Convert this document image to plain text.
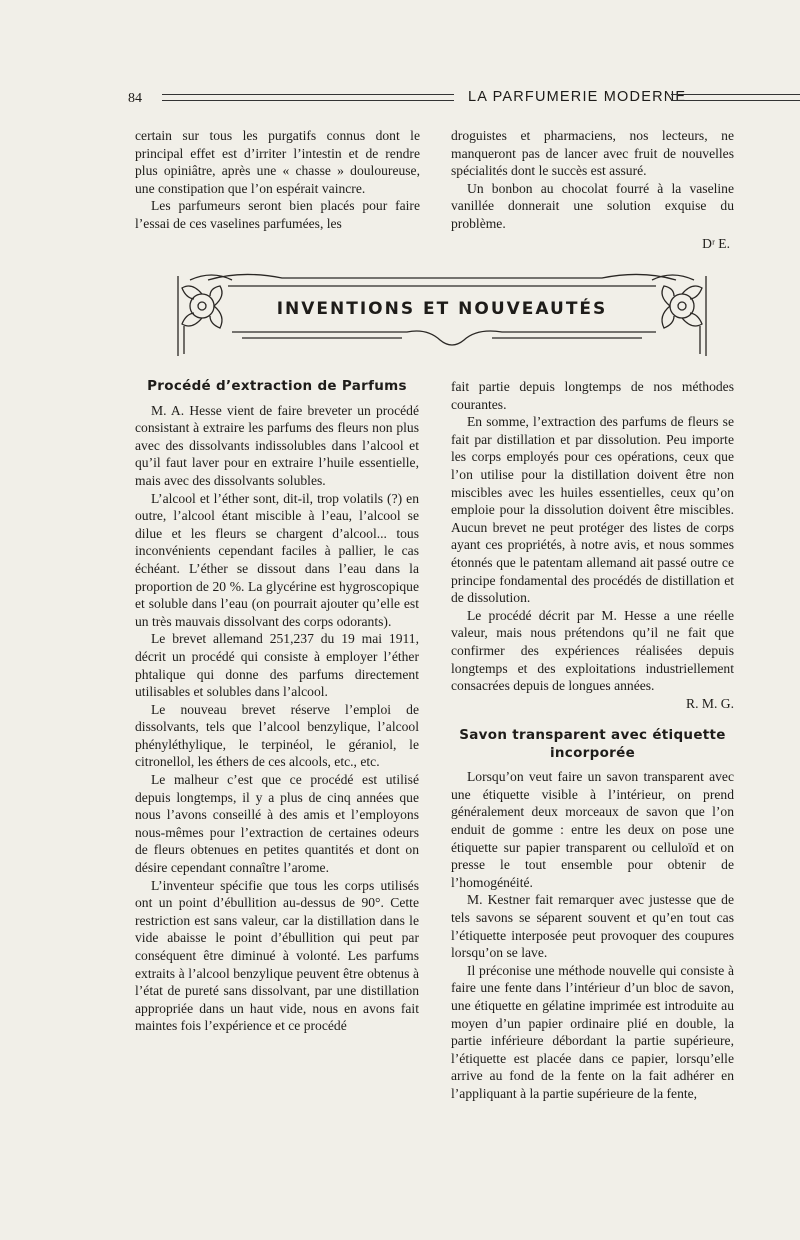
84	LA PARFUMERIE MODERNE

certain sur tous les purgatifs connus dont le principal effet est d’irriter l’intestin et de rendre plus opiniâtre, après une « chasse » douloureuse, une constipation que l’on espérait vaincre.

Les parfumeurs seront bien placés pour faire l’essai de ces vaselines parfumées, les

droguistes et pharmaciens, nos lecteurs, ne manqueront pas de lancer avec fruit de nouvelles spécialités dont le succès est assuré.

Un bonbon au chocolat fourré à la vaseline vanillée donnerait une solution exquise du problème.

Dʳ E.
INVENTIONS ET NOUVEAUTÉS
Procédé d’extraction de Parfums

M. A. Hesse vient de faire breveter un procédé consistant à extraire les parfums des fleurs non plus avec des dissolvants indissolubles dans l’alcool et qu’il faut laver pour en extraire l’huile essentielle, mais avec des dissolvants solubles.

L’alcool et l’éther sont, dit-il, trop volatils (?) en outre, l’alcool étant miscible à l’eau, l’alcool se dilue et les fleurs se chargent d’alcool... tous inconvénients cependant faciles à pallier, le cas échéant. L’éther se dissout dans l’eau dans la proportion de 20 %. La glycérine est hygroscopique et soluble dans l’eau (on pourrait ajouter qu’elle est un très mauvais dissolvant des corps odorants).

Le brevet allemand 251,237 du 19 mai 1911, décrit un procédé qui consiste à employer l’éther phtalique qui donne des parfums directement utilisables et solubles dans l’alcool.

Le nouveau brevet réserve l’emploi de dissolvants, tels que l’alcool benzylique, l’alcool phényléthylique, le terpinéol, le géraniol, le citronellol, les éthers de ces alcools, etc., etc.

Le malheur c’est que ce procédé est utilisé depuis longtemps, il y a plus de cinq années que nous l’avons conseillé à des amis et l’employons nous-mêmes pour l’extraction de certaines odeurs de fleurs obtenues en petites quantités et dont on désire cependant connaître l’arome.

L’inventeur spécifie que tous les corps utilisés ont un point d’ébullition au-dessus de 90°. Cette restriction est sans valeur, car la distillation dans le vide abaisse le point d’ébullition qui peut par conséquent être diminué à volonté. Les parfums extraits à l’alcool benzylique peuvent être obtenus à l’état de pureté sans dissolvant, par une distillation appropriée dans un haut vide, nous en avons fait maintes fois l’expérience et ce procédé

fait partie depuis longtemps de nos méthodes courantes.

En somme, l’extraction des parfums de fleurs se fait par distillation et par dissolution. Peu importe les corps employés pour ces opérations, ceux que l’on utilise pour la distillation doivent être non miscibles avec les huiles essentielles, ceux qu’on emploie pour la dissolution doivent être miscibles. Aucun brevet ne peut protéger des listes de corps ayant ces propriétés, à notre avis, et nous sommes étonnés que le patentam allemand ait passé outre ce principe fondamental des procédés de distillation et de dissolution.

Le procédé décrit par M. Hesse a une réelle valeur, mais nous prétendons qu’il ne fait que confirmer des expériences réalisées depuis longtemps et des exploitations industriellement consacrées depuis de longues années.

R. M. G.

Savon transparent avec étiquette
incorporée

Lorsqu’on veut faire un savon transparent avec une étiquette visible à l’intérieur, on prend généralement deux morceaux de savon que l’on enduit de gomme : entre les deux on pose une étiquette sur papier transparent ou celluloïd et on presse le tout ensemble pour obtenir de l’homogénéité.

M. Kestner fait remarquer avec justesse que de tels savons se séparent souvent et qu’en tout cas l’étiquette interposée peut provoquer des coupures lorsqu’on se lave.

Il préconise une méthode nouvelle qui consiste à faire une fente dans l’intérieur d’un bloc de savon, une étiquette en gélatine imprimée est introduite au moyen d’un papier ordinaire plié en double, la partie inférieure débordant la partie supérieure, l’étiquette est placée dans ce papier, lorsqu’elle arrive au fond de la fente on la fait adhérer en l’appliquant à la partie supérieure de la fente,
